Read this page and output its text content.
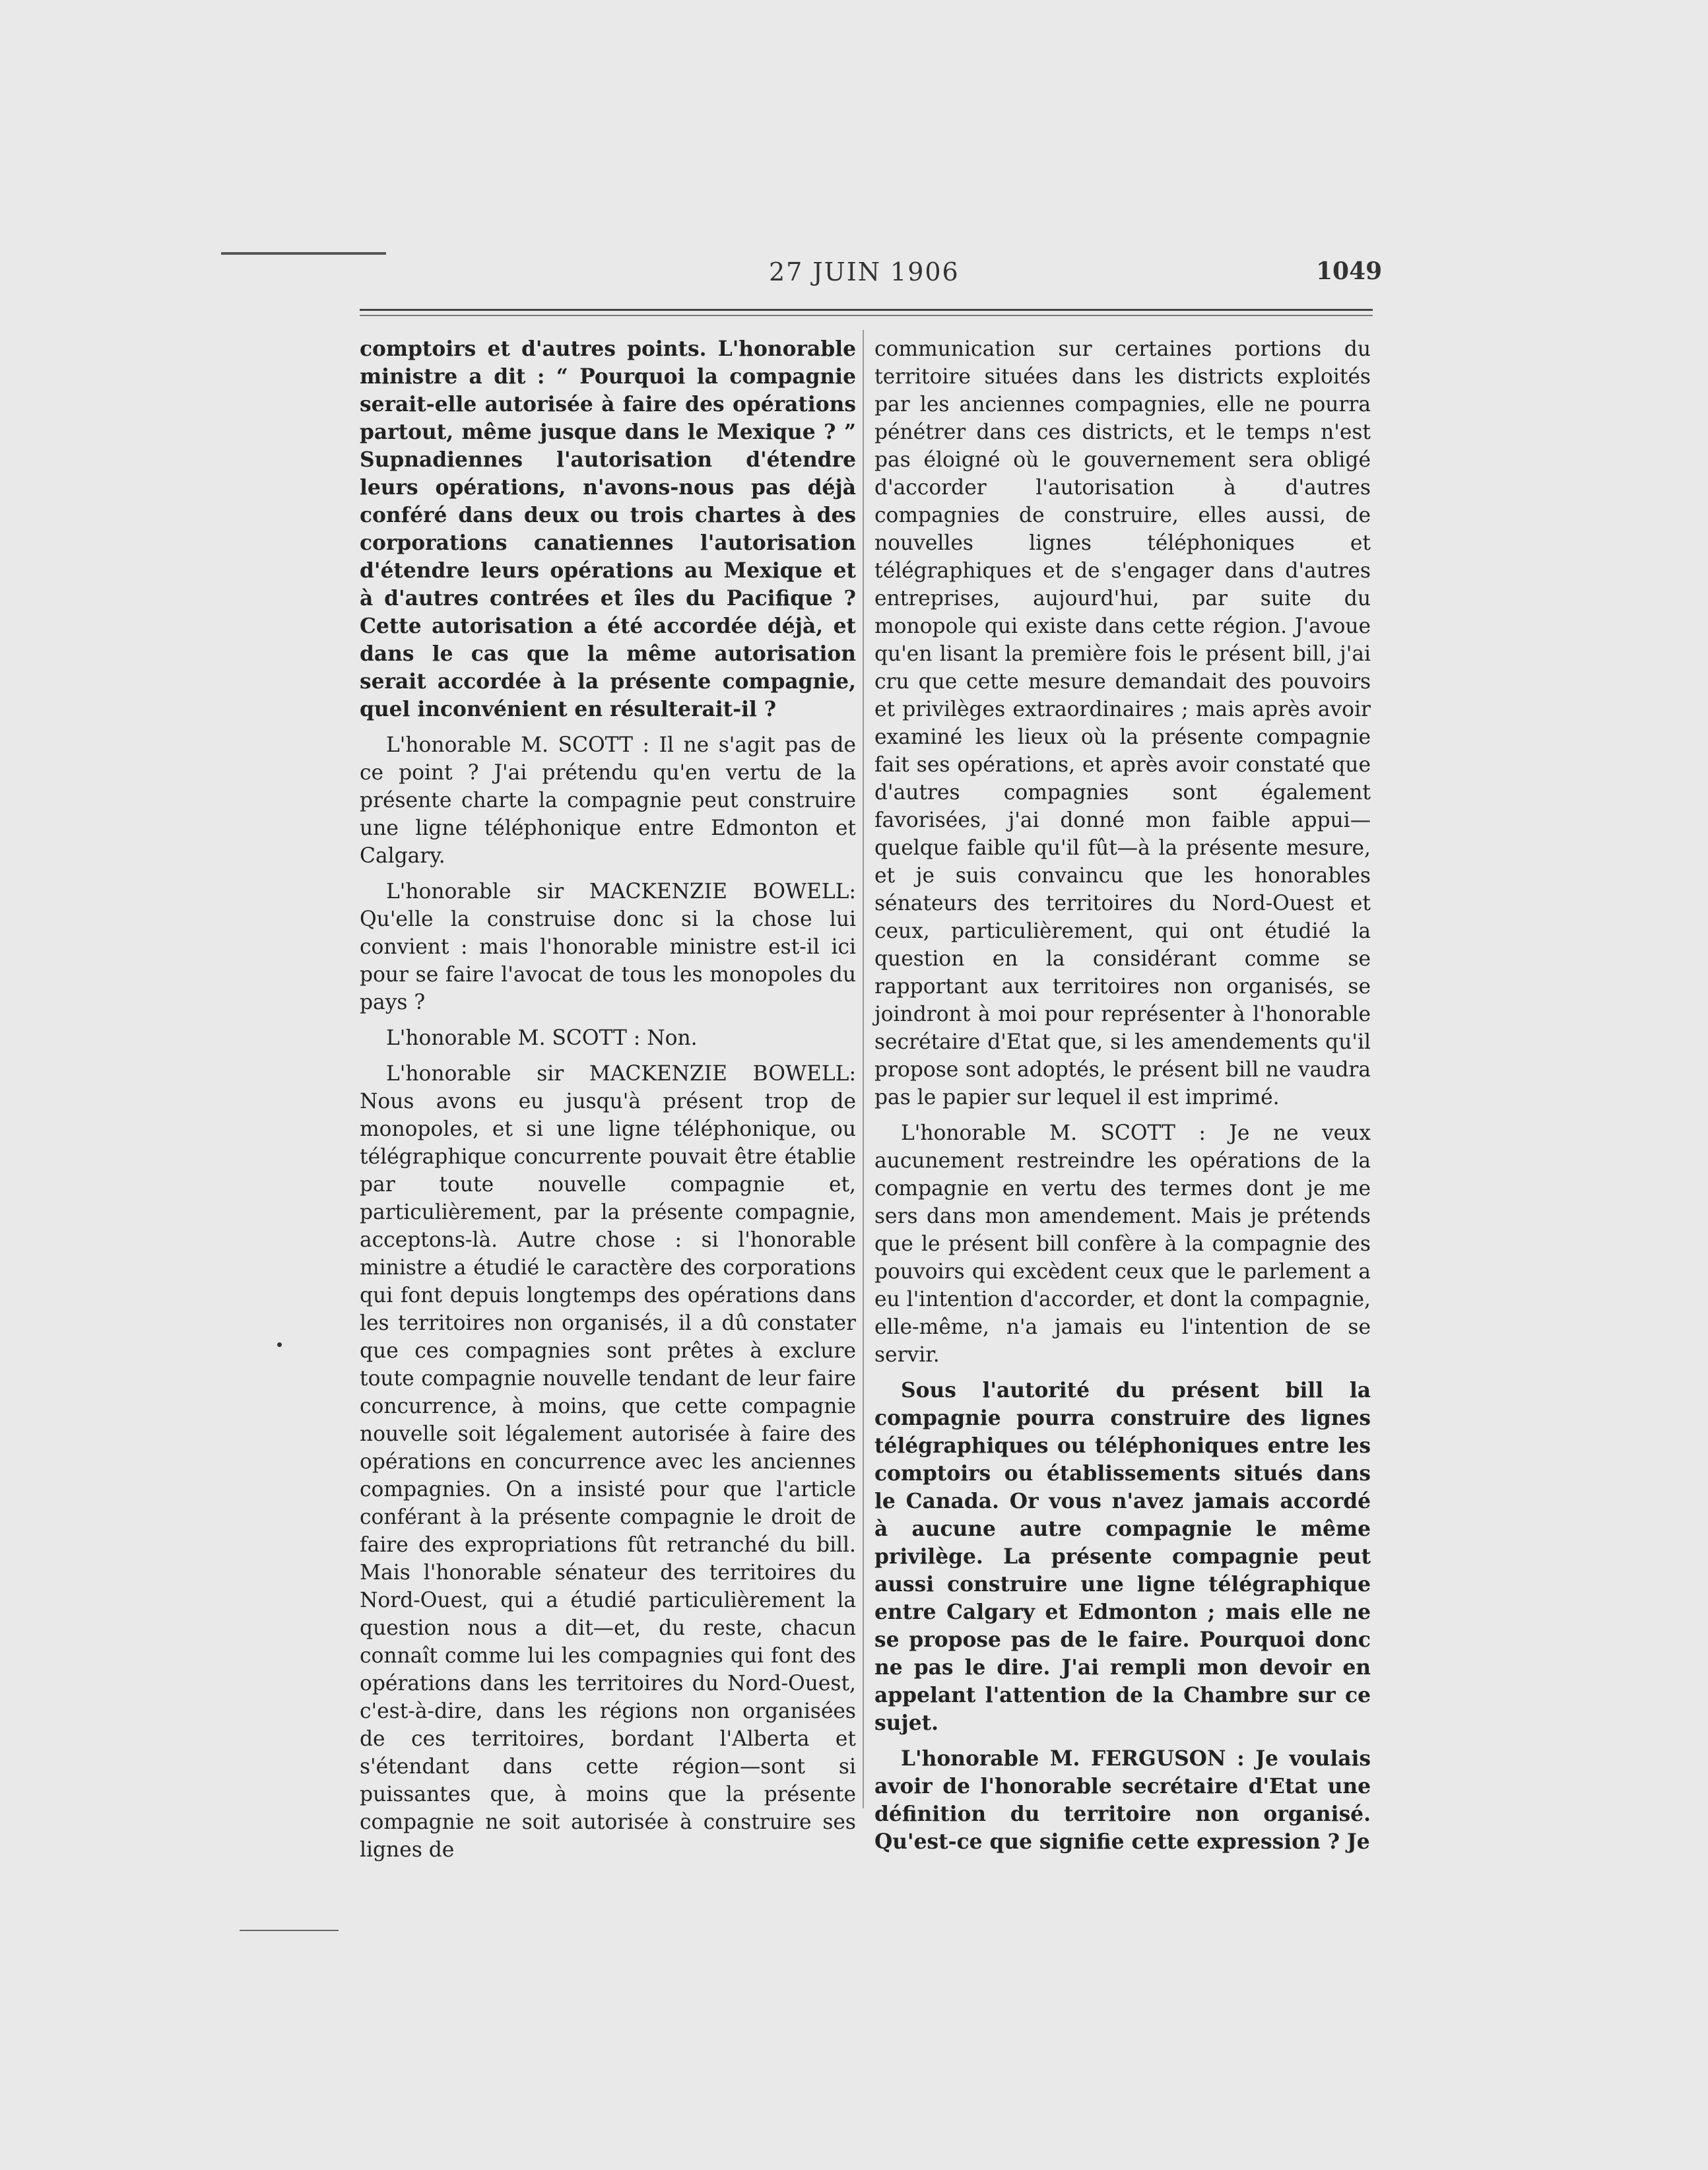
27 JUIN 1906	1049

comptoirs et d'autres points. L'honorable ministre a dit : “ Pourquoi la compagnie serait-elle autorisée à faire des opérations partout, même jusque dans le Mexique ? ” Supnadiennes l'autorisation d'étendre leurs opérations, n'avons-nous pas déjà conféré dans deux ou trois chartes à des corporations canatiennes l'autorisation d'étendre leurs opérations au Mexique et à d'autres contrées et îles du Pacifique ? Cette autorisation a été accordée déjà, et dans le cas que la même autorisation serait accordée à la présente compagnie, quel inconvénient en résulterait-il ?

L'honorable M. SCOTT : Il ne s'agit pas de ce point ? J'ai prétendu qu'en vertu de la présente charte la compagnie peut construire une ligne téléphonique entre Edmonton et Calgary.

L'honorable sir MACKENZIE BOWELL: Qu'elle la construise donc si la chose lui convient : mais l'honorable ministre est-il ici pour se faire l'avocat de tous les monopoles du pays ?

L'honorable M. SCOTT : Non.

L'honorable sir MACKENZIE BOWELL: Nous avons eu jusqu'à présent trop de monopoles, et si une ligne téléphonique, ou télégraphique concurrente pouvait être établie par toute nouvelle compagnie et, particulièrement, par la présente compagnie, acceptons-là. Autre chose : si l'honorable ministre a étudié le caractère des corporations qui font depuis longtemps des opérations dans les territoires non organisés, il a dû constater que ces compagnies sont prêtes à exclure toute compagnie nouvelle tendant de leur faire concurrence, à moins, que cette compagnie nouvelle soit légalement autorisée à faire des opérations en concurrence avec les anciennes compagnies. On a insisté pour que l'article conférant à la présente compagnie le droit de faire des expropriations fût retranché du bill. Mais l'honorable sénateur des territoires du Nord-Ouest, qui a étudié particulièrement la question nous a dit—et, du reste, chacun connaît comme lui les compagnies qui font des opérations dans les territoires du Nord-Ouest, c'est-à-dire, dans les régions non organisées de ces territoires, bordant l'Alberta et s'étendant dans cette région—sont si puissantes que, à moins que la présente compagnie ne soit autorisée à construire ses lignes de

communication sur certaines portions du territoire situées dans les districts exploités par les anciennes compagnies, elle ne pourra pénétrer dans ces districts, et le temps n'est pas éloigné où le gouvernement sera obligé d'accorder l'autorisation à d'autres compagnies de construire, elles aussi, de nouvelles lignes téléphoniques et télégraphiques et de s'engager dans d'autres entreprises, aujourd'hui, par suite du monopole qui existe dans cette région. J'avoue qu'en lisant la première fois le présent bill, j'ai cru que cette mesure demandait des pouvoirs et privilèges extraordinaires ; mais après avoir examiné les lieux où la présente compagnie fait ses opérations, et après avoir constaté que d'autres compagnies sont également favorisées, j'ai donné mon faible appui—quelque faible qu'il fût—à la présente mesure, et je suis convaincu que les honorables sénateurs des territoires du Nord-Ouest et ceux, particulièrement, qui ont étudié la question en la considérant comme se rapportant aux territoires non organisés, se joindront à moi pour représenter à l'honorable secrétaire d'Etat que, si les amendements qu'il propose sont adoptés, le présent bill ne vaudra pas le papier sur lequel il est imprimé.

L'honorable M. SCOTT : Je ne veux aucunement restreindre les opérations de la compagnie en vertu des termes dont je me sers dans mon amendement. Mais je prétends que le présent bill confère à la compagnie des pouvoirs qui excèdent ceux que le parlement a eu l'intention d'accorder, et dont la compagnie, elle-même, n'a jamais eu l'intention de se servir.

Sous l'autorité du présent bill la compagnie pourra construire des lignes télégraphiques ou téléphoniques entre les comptoirs ou établissements situés dans le Canada. Or vous n'avez jamais accordé à aucune autre compagnie le même privilège. La présente compagnie peut aussi construire une ligne télégraphique entre Calgary et Edmonton ; mais elle ne se propose pas de le faire. Pourquoi donc ne pas le dire. J'ai rempli mon devoir en appelant l'attention de la Chambre sur ce sujet.

L'honorable M. FERGUSON : Je voulais avoir de l'honorable secrétaire d'Etat une définition du territoire non organisé. Qu'est-ce que signifie cette expression ? Je
